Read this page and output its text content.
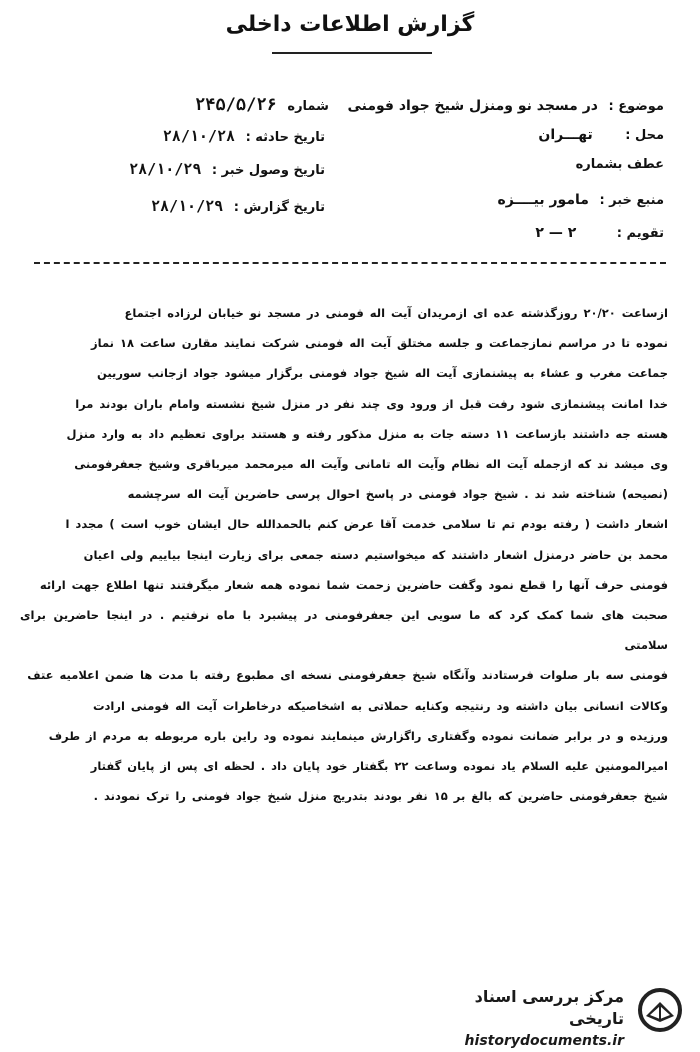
گزارش اطلاعات داخلی
موضوع : در مسجد نو ومنزل شیخ جواد فومنی شماره ۲۴۵/۵/۲۶
محل : تهـــران
تاریخ حادثه : ۲۸/۱۰/۲۸
عطف بشماره
تاریخ وصول خبر : ۲۸/۱۰/۲۹
منبع خبر : مامور بیــــزه
تاریخ گزارش : ۲۸/۱۰/۲۹
تقویم : ۲ — ۲
ازساعت ۲۰/۲۰ روزگذشته عده ای ازمریدان آیت اله فومنی در مسجد نو خیابان لرزاده اجتماع
نموده تا در مراسم نمازجماعت و جلسه مختلق آیت اله فومنی شرکت نمایند مقارن ساعت ۱۸ نماز
جماعت مغرب و عشاء به پیشنمازی آیت اله شیخ جواد فومنی برگزار میشود جواد ازجانب سوریین
خدا امانت پیشنمازی شود رفت قبل از ورود وی چند نفر در منزل شیخ نشسته وامام باران بودند مرا
هسته جه داشتند بازساعت ۱۱ دسته جات به منزل مذکور رفته و هستند براوی تعظیم داد به وارد منزل
وی میشد ند که ازجمله آیت اله نظام وآیت اله تامانی وآیت اله میرمحمد میرباقری وشیخ جعفرفومنی
(نصیحه) شناخته شد ند . شیخ جواد فومنی در پاسخ احوال پرسی حاضرین آیت اله سرچشمه
اشعار داشت ( رفته بودم تم تا سلامی خدمت آقا عرض کنم بالحمدالله حال ایشان خوب است ) مجدد ا
محمد بن حاضر درمنزل اشعار داشتند که میخواستیم دسته جمعی برای زیارت اینجا بیاییم ولی اعیان
فومنی حرف آنها را قطع نمود وگفت حاضرین زحمت شما نموده همه شعار میگرفتند تنها اطلاع جهت ارائه
صحبت های شما کمک کرد که ما سویی این جعفرفومنی در پیشبرد با ماه نرفتیم . در اینجا حاضرین برای سلامتی
فومنی سه بار صلوات فرستادند وآنگاه شیخ جعفرفومنی نسخه ای مطبوع رفته با مدت ها ضمن اعلامیه عتف
وکالات انسانی بیان داشته ود رنتیجه وکنایه حملاتی به اشخاصیکه درخاطرات آیت اله فومنی ارادت
ورزیده و در برابر ضمانت نموده وگفتاری راگزارش مینمایند نموده ود راین باره مربوطه به مردم از طرف
امیرالمومنین علیه السلام یاد نموده وساعت ۲۲ بگفتار خود پایان داد . لحظه ای پس از پایان گفتار
شیخ جعفرفومنی حاضرین که بالغ بر ۱۵ نفر بودند بتدریج منزل شیخ جواد فومنی را ترک نمودند .
مرکز بررسی اسناد تاریخی
historydocuments.ir
